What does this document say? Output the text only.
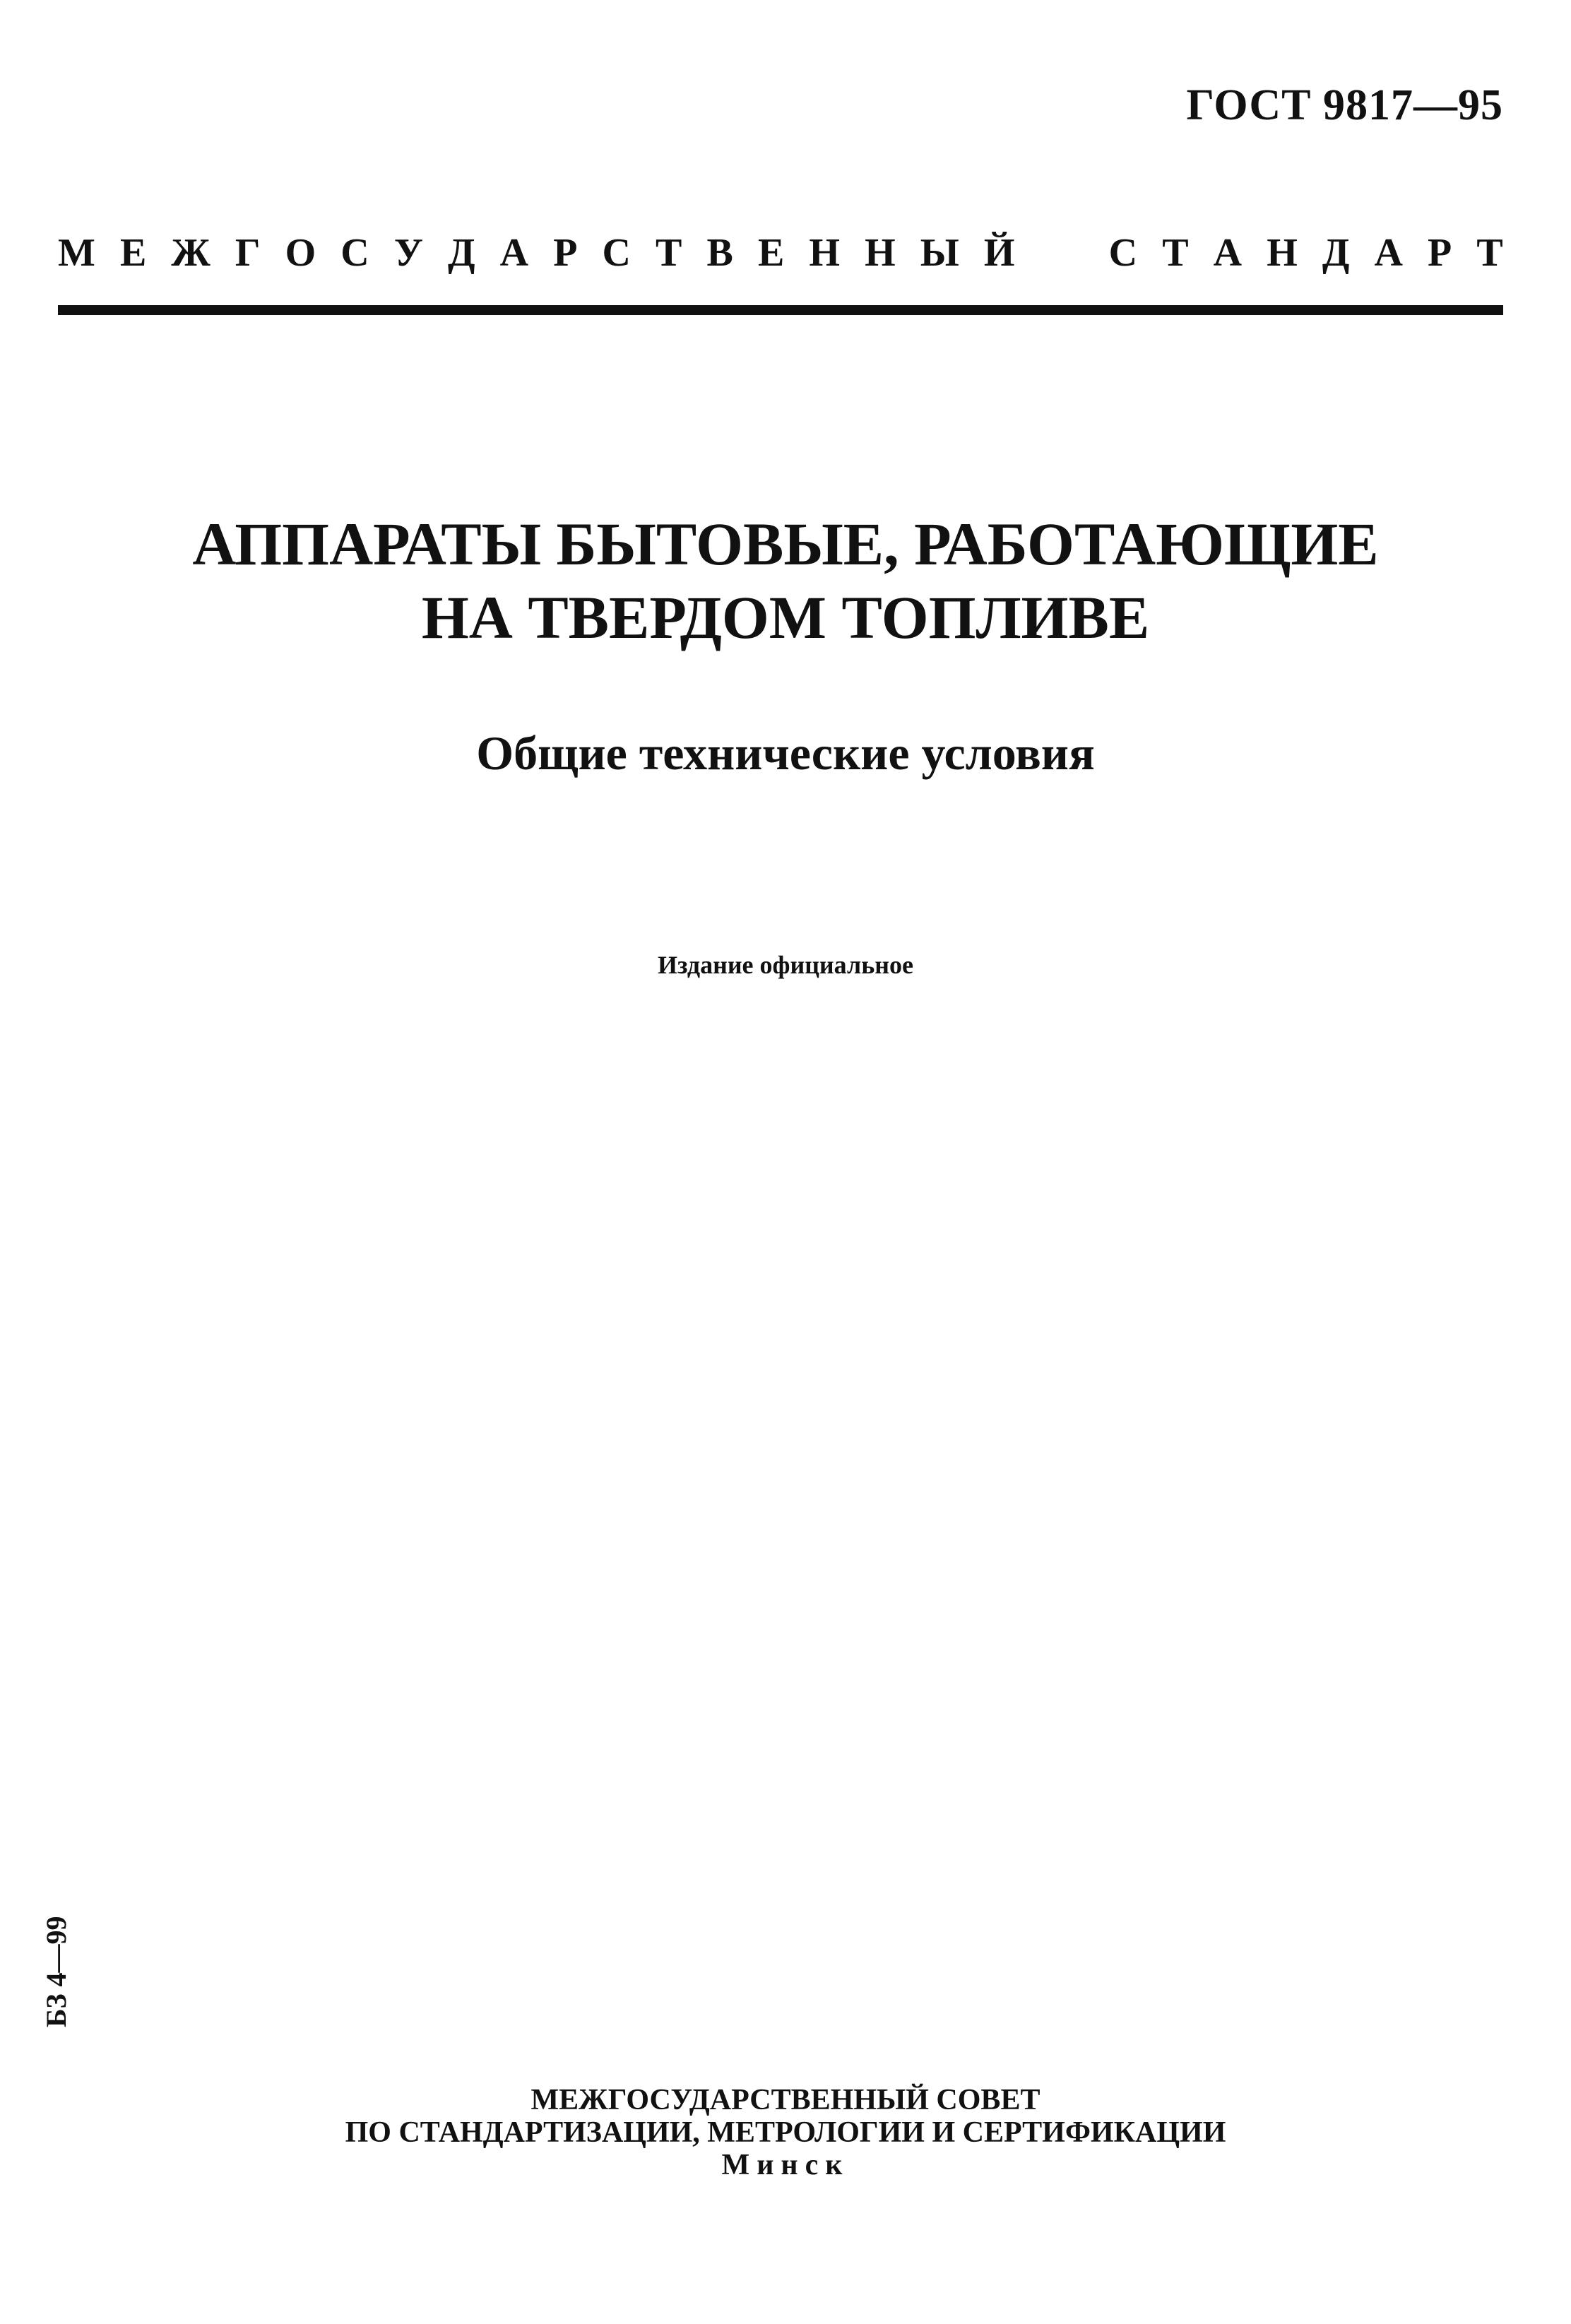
ГОСТ 9817—95
М Е Ж Г О С У Д А Р С Т В Е Н Н Ы Й

С Т А Н Д А Р Т
АППАРАТЫ БЫТОВЫЕ, РАБОТАЮЩИЕ
НА ТВЕРДОМ ТОПЛИВЕ
Общие технические условия
Издание официальное
БЗ 4—99
МЕЖГОСУДАРСТВЕННЫЙ СОВЕТ
ПО СТАНДАРТИЗАЦИИ, МЕТРОЛОГИИ И СЕРТИФИКАЦИИ
Минск
